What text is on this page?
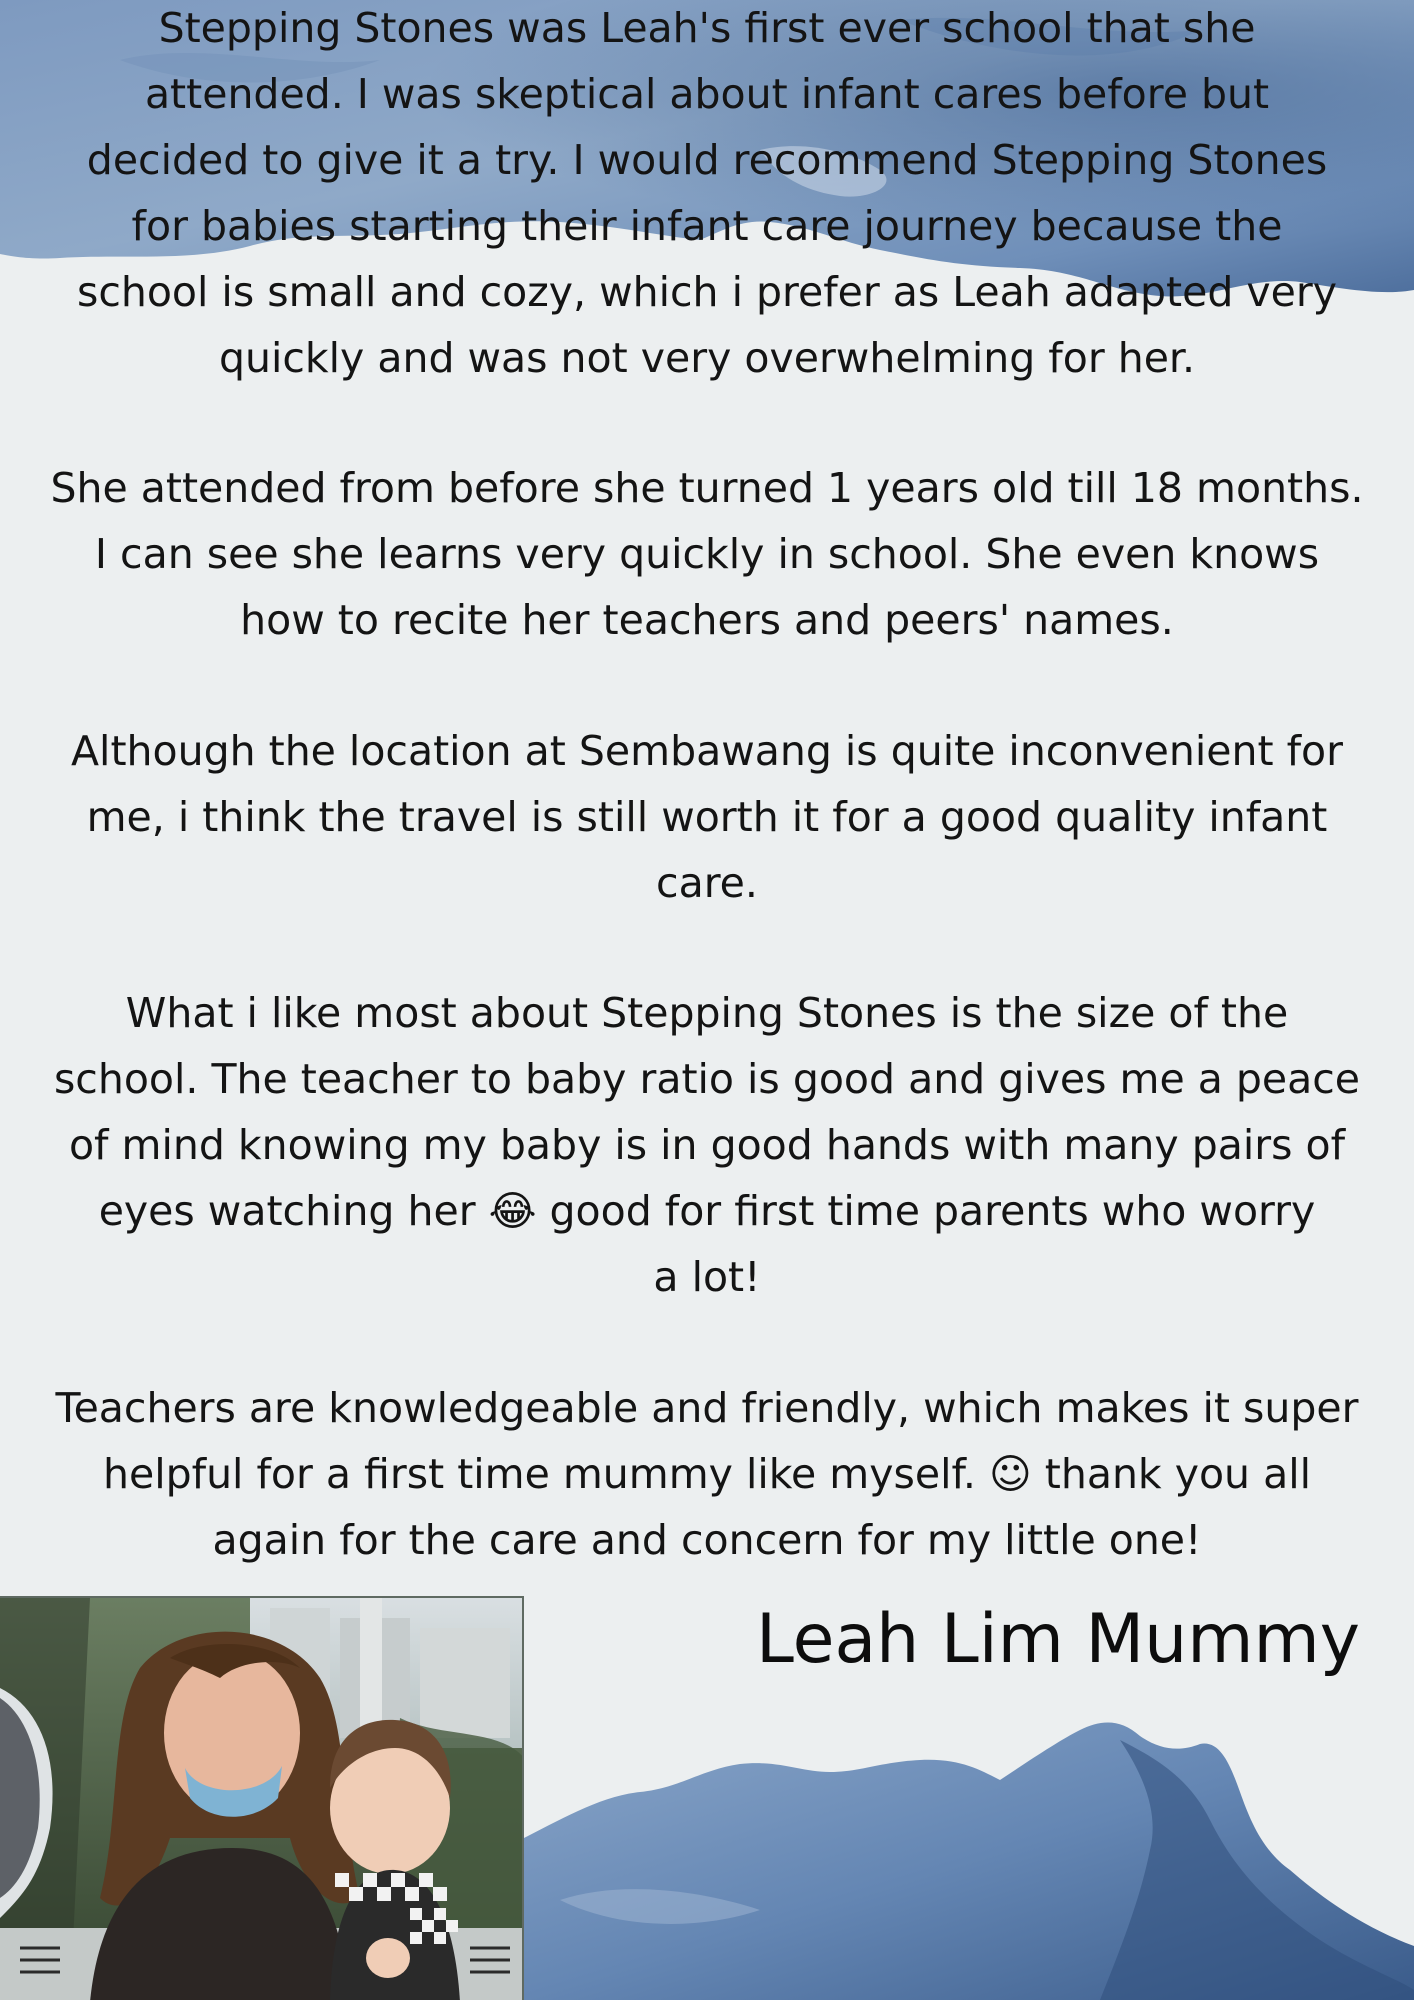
Stepping Stones was Leah's first ever school that she
attended. I was skeptical about infant cares before but
decided to give it a try. I would recommend Stepping Stones
for babies starting their infant care journey because the
school is small and cozy, which i prefer as Leah adapted very
quickly and was not very overwhelming for her.

She attended from before she turned 1 years old till 18 months.
I can see she learns very quickly in school. She even knows
how to recite her teachers and peers' names.

Although the location at Sembawang is quite inconvenient for
me, i think the travel is still worth it for a good quality infant
care.

What i like most about Stepping Stones is the size of the
school. The teacher to baby ratio is good and gives me a peace
of mind knowing my baby is in good hands with many pairs of
eyes watching her 😂 good for first time parents who worry
a lot!

Teachers are knowledgeable and friendly, which makes it super
helpful for a first time mummy like myself. ☺ thank you all
again for the care and concern for my little one!

Leah Lim Mummy
